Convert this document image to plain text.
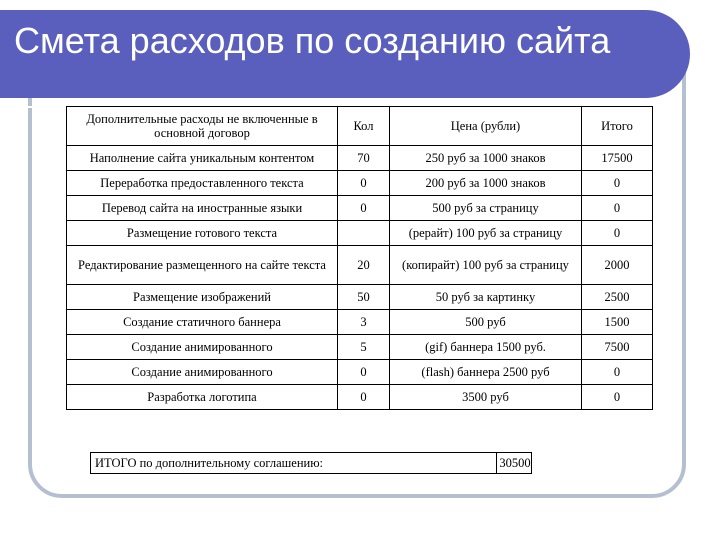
Смета расходов по созданию сайта
Дополнительные расходы не включенные в основной договор	Кол	Цена (рубли)	Итого
Наполнение сайта уникальным контентом	70	250 руб за 1000 знаков	17500
Переработка предоставленного текста	0	200 руб за 1000 знаков	0
Перевод сайта на иностранные языки	0	500 руб за страницу	0
Размещение готового текста		(рерайт) 100 руб за страницу	0
Редактирование размещенного на сайте текста	20	(копирайт) 100 руб за страницу	2000
Размещение изображений	50	50 руб за картинку	2500
Создание статичного баннера	3	500 руб	1500
Создание анимированного	5	(gif) баннера 1500 руб.	7500
Создание анимированного	0	(flash) баннера 2500 руб	0
Разработка логотипа	0	3500 руб	0
ИТОГО по дополнительному соглашению:	30500
